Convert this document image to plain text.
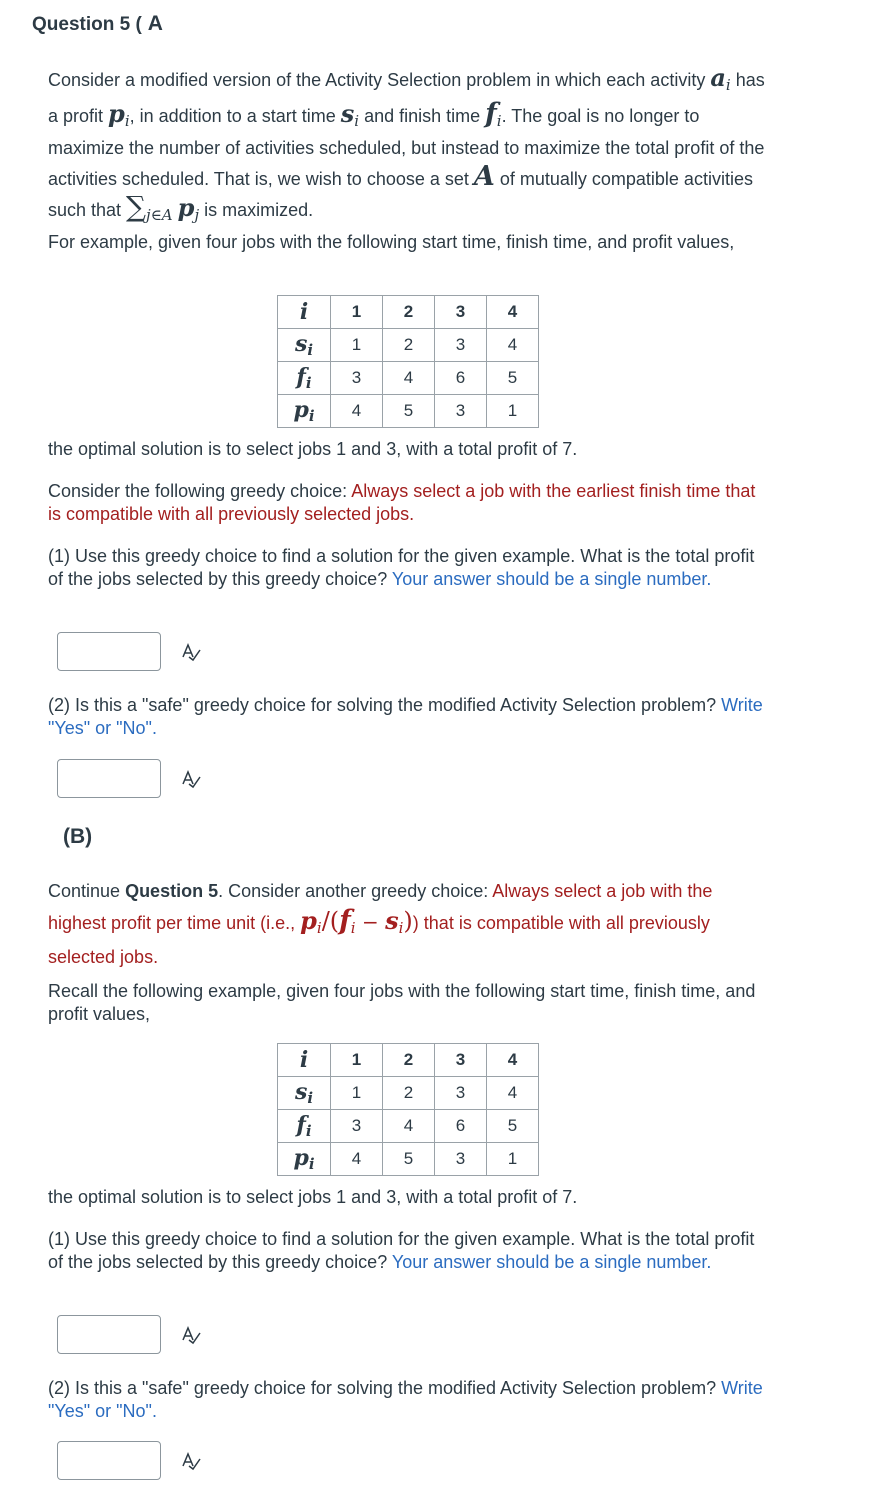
Question 5 ( A
Consider a modified version of the Activity Selection problem in which each activity $a_i$ has a profit $p_i$, in addition to a start time $s_i$ and finish time $f_i$. The goal is no longer to maximize the number of activities scheduled, but instead to maximize the total profit of the activities scheduled. That is, we wish to choose a set A of mutually compatible activities such that $\sum_{j\in A}$ $p_j$ is maximized.
For example, given four jobs with the following start time, finish time, and profit values,
i	1	2	3	4
$s_i$	1	2	3	4
$f_i$	3	4	6	5
$p_i$	4	5	3	1
the optimal solution is to select jobs 1 and 3, with a total profit of 7.
Consider the following greedy choice: Always select a job with the earliest finish time that is compatible with all previously selected jobs.
(1) Use this greedy choice to find a solution for the given example. What is the total profit of the jobs selected by this greedy choice? Your answer should be a single number.
(2) Is this a "safe" greedy choice for solving the modified Activity Selection problem? Write "Yes" or "No".
(B)
Continue Question 5. Consider another greedy choice: Always select a job with the highest profit per time unit (i.e., $p_i/(f_i - s_i)$) that is compatible with all previously selected jobs.
Recall the following example, given four jobs with the following start time, finish time, and profit values,
i	1	2	3	4
$s_i$	1	2	3	4
$f_i$	3	4	6	5
$p_i$	4	5	3	1
the optimal solution is to select jobs 1 and 3, with a total profit of 7.
(1) Use this greedy choice to find a solution for the given example. What is the total profit of the jobs selected by this greedy choice? Your answer should be a single number.
(2) Is this a "safe" greedy choice for solving the modified Activity Selection problem? Write "Yes" or "No".
